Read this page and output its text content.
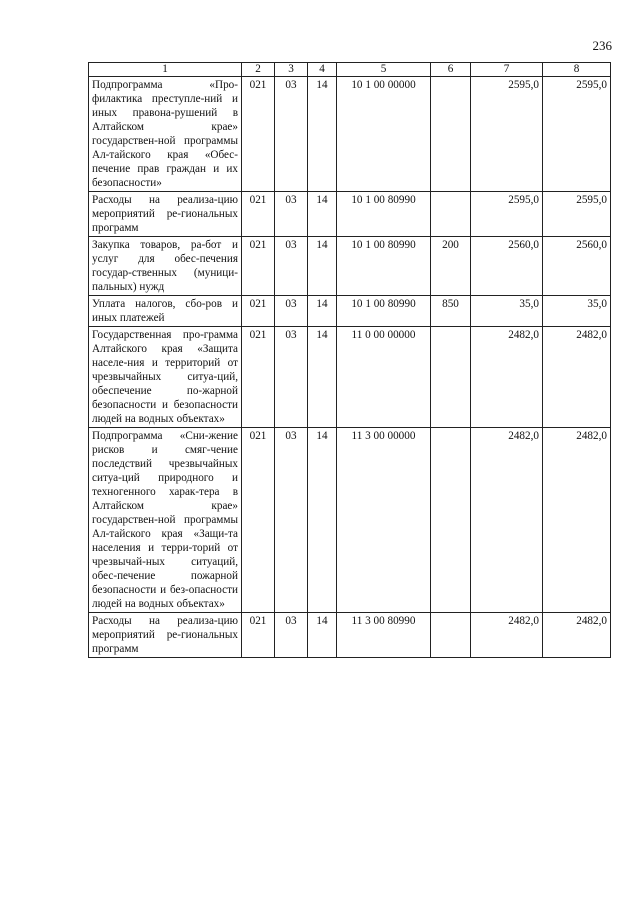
236
1	2	3	4	5	6	7	8
Подпрограмма «Про-филактика преступле-ний и иных правона-рушений в Алтайском крае» государствен-ной программы Ал-тайского края «Обес-печение прав граждан и их безопасности»	021	03	14	10 1 00 00000		2595,0	2595,0
Расходы на реализа-цию мероприятий ре-гиональных программ	021	03	14	10 1 00 80990		2595,0	2595,0
Закупка товаров, ра-бот и услуг для обес-печения государ-ственных (муници-пальных) нужд	021	03	14	10 1 00 80990	200	2560,0	2560,0
Уплата налогов, сбо-ров и иных платежей	021	03	14	10 1 00 80990	850	35,0	35,0
Государственная про-грамма Алтайского края «Защита населе-ния и территорий от чрезвычайных ситуа-ций, обеспечение по-жарной безопасности и безопасности людей на водных объектах»	021	03	14	11 0 00 00000		2482,0	2482,0
Подпрограмма «Сни-жение рисков и смяг-чение последствий чрезвычайных ситуа-ций природного и техногенного харак-тера в Алтайском крае» государствен-ной программы Ал-тайского края «Защи-та населения и терри-торий от чрезвычай-ных ситуаций, обес-печение пожарной безопасности и без-опасности людей на водных объектах»	021	03	14	11 3 00 00000		2482,0	2482,0
Расходы на реализа-цию мероприятий ре-гиональных программ	021	03	14	11 3 00 80990		2482,0	2482,0
